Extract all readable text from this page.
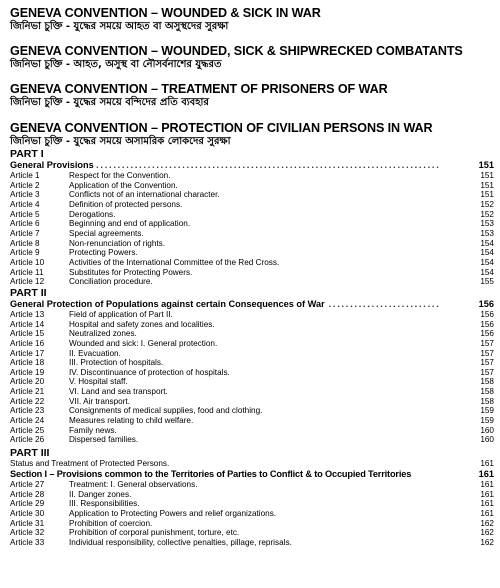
GENEVA CONVENTION – WOUNDED & SICK IN WAR
জিনিভা চুক্তি - যুদ্ধের সময়ে আহত বা অসুস্থদের সুরক্ষা
GENEVA CONVENTION – WOUNDED, SICK & SHIPWRECKED COMBATANTS
জিনিভা চুক্তি - আহত, অসুস্থ বা নৌসর্বনাশের যুদ্ধরত
GENEVA CONVENTION – TREATMENT OF PRISONERS OF WAR
জিনিভা চুক্তি - যুদ্ধের সময়ে বন্দিদের প্রতি ব্যবহার
GENEVA CONVENTION – PROTECTION OF CIVILIAN PERSONS IN WAR
জিনিভা চুক্তি - যুদ্ধের সময়ে অসামরিক লোকদের সুরক্ষা
PART I
General Provisions . . .	151
Article 1	Respect for the Convention.	151
Article 2	Application of the Convention.	151
Article 3	Conflicts not of an international character.	151
Article 4	Definition of protected persons.	152
Article 5	Derogations.	152
Article 6	Beginning and end of application.	153
Article 7	Special agreements.	153
Article 8	Non-renunciation of rights.	154
Article 9	Protecting Powers.	154
Article 10	Activities of the International Committee of the Red Cross.	154
Article 11	Substitutes for Protecting Powers.	154
Article 12	Conciliation procedure.	155
PART II
General Protection of Populations against certain Consequences of War . . .	156
Article 13	Field of application of Part II.	156
Article 14	Hospital and safety zones and localities.	156
Article 15	Neutralized zones.	156
Article 16	Wounded and sick: I. General protection.	157
Article 17	II. Evacuation.	157
Article 18	III. Protection of hospitals.	157
Article 19	IV. Discontinuance of protection of hospitals.	157
Article 20	V. Hospital staff.	158
Article 21	VI. Land and sea transport.	158
Article 22	VII. Air transport.	158
Article 23	Consignments of medical supplies, food and clothing.	159
Article 24	Measures relating to child welfare.	159
Article 25	Family news.	160
Article 26	Dispersed families.	160
PART III
Status and Treatment of Protected Persons.	161
Section I – Provisions common to the Territories of Parties to Conflict & to Occupied Territories	161
Article 27	Treatment: I. General observations.	161
Article 28	II. Danger zones.	161
Article 29	III. Responsibilities.	161
Article 30	Application to Protecting Powers and relief organizations.	161
Article 31	Prohibition of coercion.	162
Article 32	Prohibition of corporal punishment, torture, etc.	162
Article 33	Individual responsibility, collective penalties, pillage, reprisals.	162
